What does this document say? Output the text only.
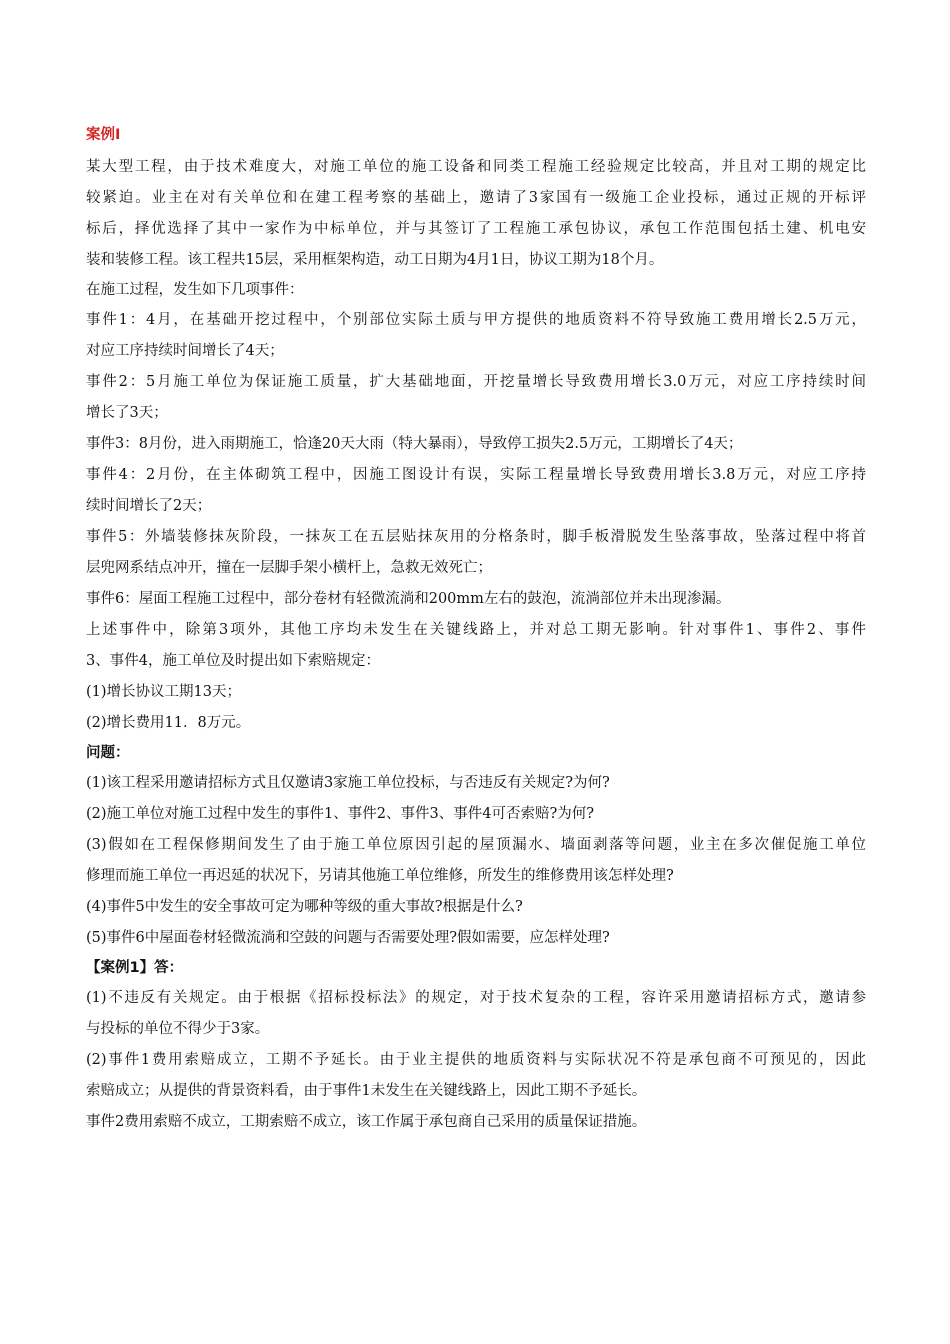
案例Ⅰ
某大型工程，由于技术难度大，对施工单位的施工设备和同类工程施工经验规定比较高，并且对工期的规定比
较紧迫。业主在对有关单位和在建工程考察的基础上，邀请了3家国有一级施工企业投标，通过正规的开标评
标后，择优选择了其中一家作为中标单位，并与其签订了工程施工承包协议，承包工作范围包括土建、机电安
装和装修工程。该工程共15层，采用框架构造，动工日期为4月1日，协议工期为18个月。
在施工过程，发生如下几项事件：
事件1：4月，在基础开挖过程中，个别部位实际土质与甲方提供的地质资料不符导致施工费用增长2.5万元，
对应工序持续时间增长了4天；
事件2：5月施工单位为保证施工质量，扩大基础地面，开挖量增长导致费用增长3.0万元，对应工序持续时间
增长了3天；
事件3：8月份，进入雨期施工，恰逢20天大雨（特大暴雨），导致停工损失2.5万元，工期增长了4天；
事件4：2月份，在主体砌筑工程中，因施工图设计有误，实际工程量增长导致费用增长3.8万元，对应工序持
续时间增长了2天；
事件5：外墙装修抹灰阶段，一抹灰工在五层贴抹灰用的分格条时，脚手板滑脱发生坠落事故，坠落过程中将首
层兜网系结点冲开，撞在一层脚手架小横杆上，急救无效死亡；
事件6：屋面工程施工过程中，部分卷材有轻微流淌和200mm左右的鼓泡，流淌部位并未出现渗漏。
上述事件中，除第3项外，其他工序均未发生在关键线路上，并对总工期无影响。针对事件1、事件2、事件
3、事件4，施工单位及时提出如下索赔规定：
(1)增长协议工期13天；
(2)增长费用11．8万元。
问题：
(1)该工程采用邀请招标方式且仅邀请3家施工单位投标，与否违反有关规定?为何?
(2)施工单位对施工过程中发生的事件1、事件2、事件3、事件4可否索赔?为何?
(3)假如在工程保修期间发生了由于施工单位原因引起的屋顶漏水、墙面剥落等问题，业主在多次催促施工单位
修理而施工单位一再迟延的状况下，另请其他施工单位维修，所发生的维修费用该怎样处理?
(4)事件5中发生的安全事故可定为哪种等级的重大事故?根据是什么?
(5)事件6中屋面卷材轻微流淌和空鼓的问题与否需要处理?假如需要，应怎样处理?
【案例1】答：
(1)不违反有关规定。由于根据《招标投标法》的规定，对于技术复杂的工程，容许采用邀请招标方式，邀请参
与投标的单位不得少于3家。
(2)事件1费用索赔成立，工期不予延长。由于业主提供的地质资料与实际状况不符是承包商不可预见的，因此
索赔成立；从提供的背景资料看，由于事件1未发生在关键线路上，因此工期不予延长。
事件2费用索赔不成立，工期索赔不成立，该工作属于承包商自己采用的质量保证措施。
